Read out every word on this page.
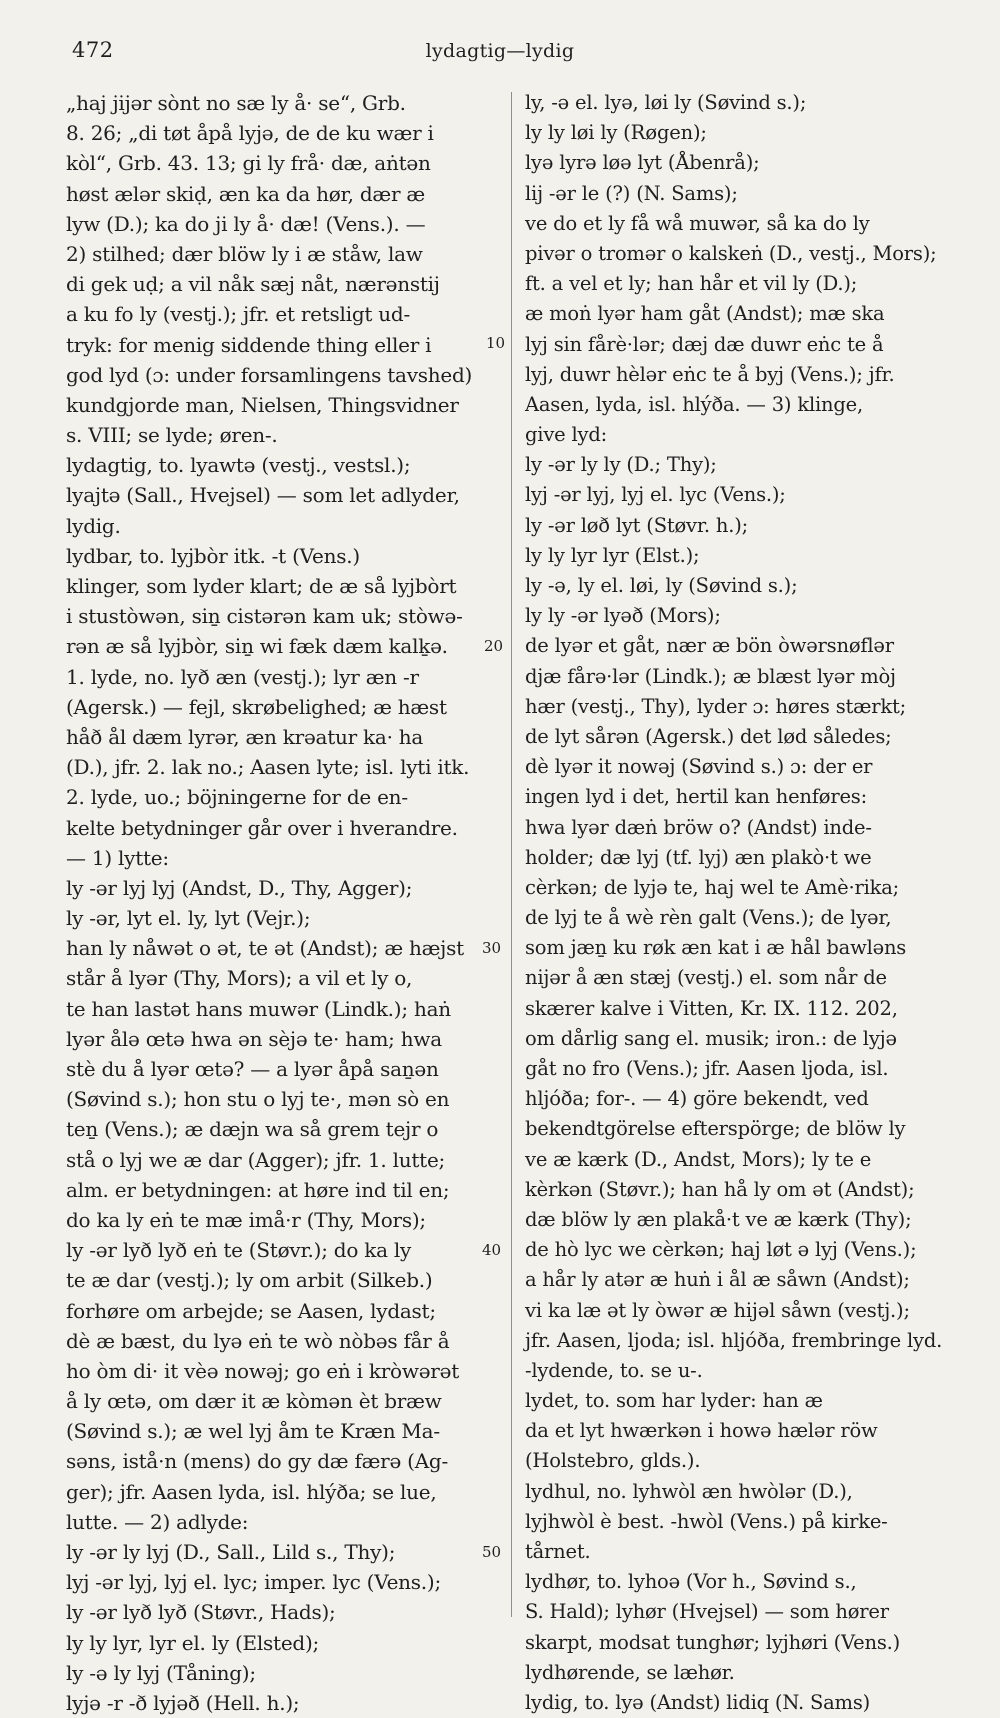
472	lydagtig—lydig
„haj jijər sònt no sæ ly å· se“, Grb.
8. 26; „di tøt åpå lyjə, de de ku wær i
kòl“, Grb. 43. 13; gi ly frå· dæ, aṅtən
høst ælər skiḍ, æn ka da hør, dær æ
lyw (D.); ka do ji ly å· dæ! (Vens.). —
2) stilhed; dær blöw ly i æ ståw, law
di gek uḍ; a vil nåk sæj nåt, nærənstij
a ku fo ly (vestj.); jfr. et retsligt ud-
tryk: for menig siddende thing eller i
god lyd (ɔ: under forsamlingens tavshed)
kundgjorde man, Nielsen, Thingsvidner
s. VIII; se lyde; øren-.
lydagtig, to. lyawtə (vestj., vestsl.);
lyajtə (Sall., Hvejsel) — som let adlyder,
lydig.
lydbar, to. lyjbòr itk. -t (Vens.)
klinger, som lyder klart; de æ så lyjbòrt
i stustòwən, siṉ cistərən kam uk; stòwə-
rən æ så lyjbòr, siṉ wi fæk dæm kalḵə.
1. lyde, no. lyð æn (vestj.); lyr æn -r
(Agersk.) — fejl, skrøbelighed; æ hæst
håð ål dæm lyrər, æn krəatur ka· ha
(D.), jfr. 2. lak no.; Aasen lyte; isl. lyti itk.
2. lyde, uo.; böjningerne for de en-
kelte betydninger går over i hverandre.
— 1) lytte:
ly -ər lyj lyj (Andst, D., Thy, Agger);
ly -ər, lyt el. ly, lyt (Vejr.);
han ly nåwət o ət, te ət (Andst); æ hæjst
står å lyər (Thy, Mors); a vil et ly o,
te han lastət hans muwər (Lindk.); haṅ
lyər ålə œtə hwa ən sèjə te· ham; hwa
stè du å lyər œtə? — a lyər åpå saṉən
(Søvind s.); hon stu o lyj te·, mən sò en
teṉ (Vens.); æ dæjn wa så grem tejr o
stå o lyj we æ dar (Agger); jfr. 1. lutte;
alm. er betydningen: at høre ind til en;
do ka ly eṅ te mæ imå·r (Thy, Mors);
ly -ər lyð lyð eṅ te (Støvr.); do ka ly
te æ dar (vestj.); ly om arbit (Silkeb.)
forhøre om arbejde; se Aasen, lydast;
dè æ bæst, du lyə eṅ te wò nòbəs får å
ho òm di· it vèə nowəj; go eṅ i kròwərət
å ly œtə, om dær it æ kòmən èt bræw
(Søvind s.); æ wel lyj åm te Kræn Ma-
səns, istå·n (mens) do gy dæ færə (Ag-
ger); jfr. Aasen lyda, isl. hlýða; se lue,
lutte. — 2) adlyde:
ly -ər ly lyj (D., Sall., Lild s., Thy);
lyj -ər lyj, lyj el. lyc; imper. lyc (Vens.);
ly -ər lyð lyð (Støvr., Hads);
ly ly lyr, lyr el. ly (Elsted);
ly -ə ly lyj (Tåning);
lyjə -r -ð lyjəð (Hell. h.);
ly, -ə el. lyə, løi ly (Søvind s.);
ly ly løi ly (Røgen);
lyə lyrə løə lyt (Åbenrå);
lij -ər le (?) (N. Sams);
ve do et ly få wå muwər, så ka do ly
pivər o tromər o kalskeṅ (D., vestj., Mors);
ft. a vel et ly; han hår et vil ly (D.);
æ moṅ lyər ham gåt (Andst); mæ ska
lyj sin fårè·lər; dæj dæ duwr eṅc te å
lyj, duwr hèlər eṅc te å byj (Vens.); jfr.
Aasen, lyda, isl. hlýða. — 3) klinge,
give lyd:
ly -ər ly ly (D.; Thy);
lyj -ər lyj, lyj el. lyc (Vens.);
ly -ər løð lyt (Støvr. h.);
ly ly lyr lyr (Elst.);
ly -ə, ly el. løi, ly (Søvind s.);
ly ly -ər lyəð (Mors);
de lyər et gåt, nær æ bön òwərsnøflər
djæ fårə·lər (Lindk.); æ blæst lyər mòj
hær (vestj., Thy), lyder ɔ: høres stærkt;
de lyt sårən (Agersk.) det lød således;
dè lyər it nowəj (Søvind s.) ɔ: der er
ingen lyd i det, hertil kan henføres:
hwa lyər dæṅ bröw o? (Andst) inde-
holder; dæ lyj (tf. lyj) æn plakò·t we
cèrkən; de lyjə te, haj wel te Amè·rika;
de lyj te å wè rèn galt (Vens.); de lyər,
som jæṉ ku røk æn kat i æ hål bawləns
nijər å æn stæj (vestj.) el. som når de
skærer kalve i Vitten, Kr. IX. 112. 202,
om dårlig sang el. musik; iron.: de lyjə
gåt no fro (Vens.); jfr. Aasen ljoda, isl.
hljóða; for-. — 4) göre bekendt, ved
bekendtgörelse efterspörge; de blöw ly
ve æ kærk (D., Andst, Mors); ly te e
kèrkən (Støvr.); han hå ly om ət (Andst);
dæ blöw ly æn plakå·t ve æ kærk (Thy);
de hò lyc we cèrkən; haj løt ə lyj (Vens.);
a hår ly atər æ huṅ i ål æ såwn (Andst);
vi ka læ ət ly òwər æ hijəl såwn (vestj.);
jfr. Aasen, ljoda; isl. hljóða, frembringe lyd.
-lydende, to. se u-.
lydet, to. som har lyder: han æ
da et lyt hwærkən i howə hælər röw
(Holstebro, glds.).
lydhul, no. lyhwòl æn hwòlər (D.),
lyjhwòl è best. -hwòl (Vens.) på kirke-
tårnet.
lydhør, to. lyhoə (Vor h., Søvind s.,
S. Hald); lyhør (Hvejsel) — som hører
skarpt, modsat tunghør; lyjhøri (Vens.)
lydhørende, se læhør.
lydig, to. lyə (Andst) lidiq (N. Sams)
10
20
30
40
50
